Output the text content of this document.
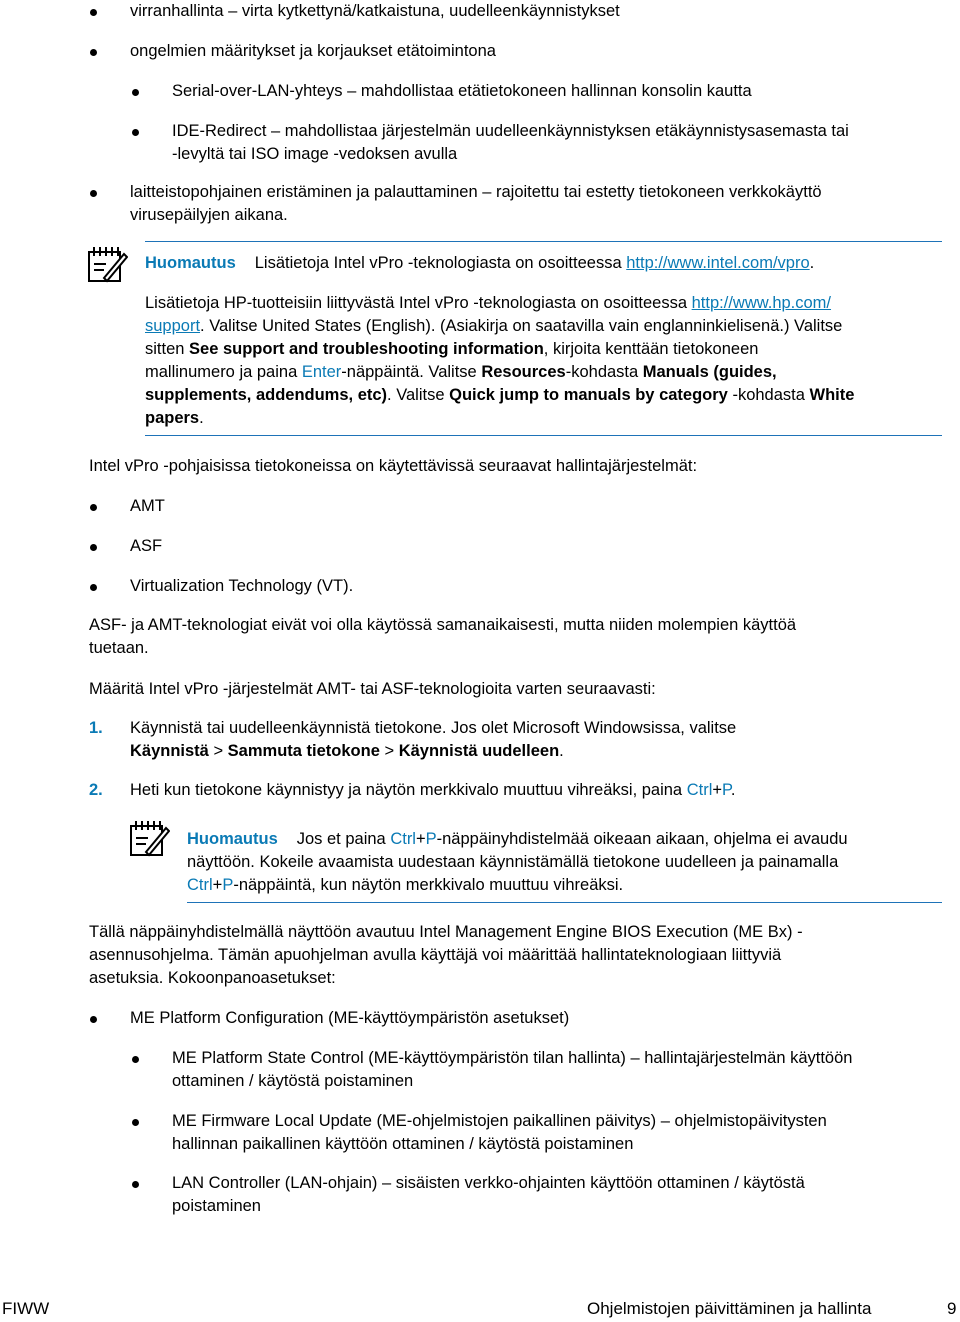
virranhallinta – virta kytkettynä/katkaistuna, uudelleenkäynnistykset
ongelmien määritykset ja korjaukset etätoimintona
Serial-over-LAN-yhteys – mahdollistaa etätietokoneen hallinnan konsolin kautta
IDE-Redirect – mahdollistaa järjestelmän uudelleenkäynnistyksen etäkäynnistysasemasta tai
-levyltä tai ISO image -vedoksen avulla
laitteistopohjainen eristäminen ja palauttaminen – rajoitettu tai estetty tietokoneen verkkokäyttö
virusepäilyjen aikana.
Huomautus Lisätietoja Intel vPro -teknologiasta on osoitteessa http://www.intel.com/vpro.
Lisätietoja HP-tuotteisiin liittyvästä Intel vPro -teknologiasta on osoitteessa http://www.hp.com/
support. Valitse United States (English). (Asiakirja on saatavilla vain englanninkielisenä.) Valitse
sitten See support and troubleshooting information, kirjoita kenttään tietokoneen
mallinumero ja paina Enter-näppäintä. Valitse Resources-kohdasta Manuals (guides,
supplements, addendums, etc). Valitse Quick jump to manuals by category -kohdasta White
papers.
Intel vPro -pohjaisissa tietokoneissa on käytettävissä seuraavat hallintajärjestelmät:
AMT
ASF
Virtualization Technology (VT).
ASF- ja AMT-teknologiat eivät voi olla käytössä samanaikaisesti, mutta niiden molempien käyttöä
tuetaan.
Määritä Intel vPro -järjestelmät AMT- tai ASF-teknologioita varten seuraavasti:
1. Käynnistä tai uudelleenkäynnistä tietokone. Jos olet Microsoft Windowsissa, valitse
Käynnistä > Sammuta tietokone > Käynnistä uudelleen.
2. Heti kun tietokone käynnistyy ja näytön merkkivalo muuttuu vihreäksi, paina Ctrl+P.
Huomautus Jos et paina Ctrl+P-näppäinyhdistelmää oikeaan aikaan, ohjelma ei avaudu
näyttöön. Kokeile avaamista uudestaan käynnistämällä tietokone uudelleen ja painamalla
Ctrl+P-näppäintä, kun näytön merkkivalo muuttuu vihreäksi.
Tällä näppäinyhdistelmällä näyttöön avautuu Intel Management Engine BIOS Execution (ME Bx) -
asennusohjelma. Tämän apuohjelman avulla käyttäjä voi määrittää hallintateknologiaan liittyviä
asetuksia. Kokoonpanoasetukset:
ME Platform Configuration (ME-käyttöympäristön asetukset)
ME Platform State Control (ME-käyttöympäristön tilan hallinta) – hallintajärjestelmän käyttöön
ottaminen / käytöstä poistaminen
ME Firmware Local Update (ME-ohjelmistojen paikallinen päivitys) – ohjelmistopäivitysten
hallinnan paikallinen käyttöön ottaminen / käytöstä poistaminen
LAN Controller (LAN-ohjain) – sisäisten verkko-ohjainten käyttöön ottaminen / käytöstä
poistaminen
FIWW	Ohjelmistojen päivittäminen ja hallinta	9
